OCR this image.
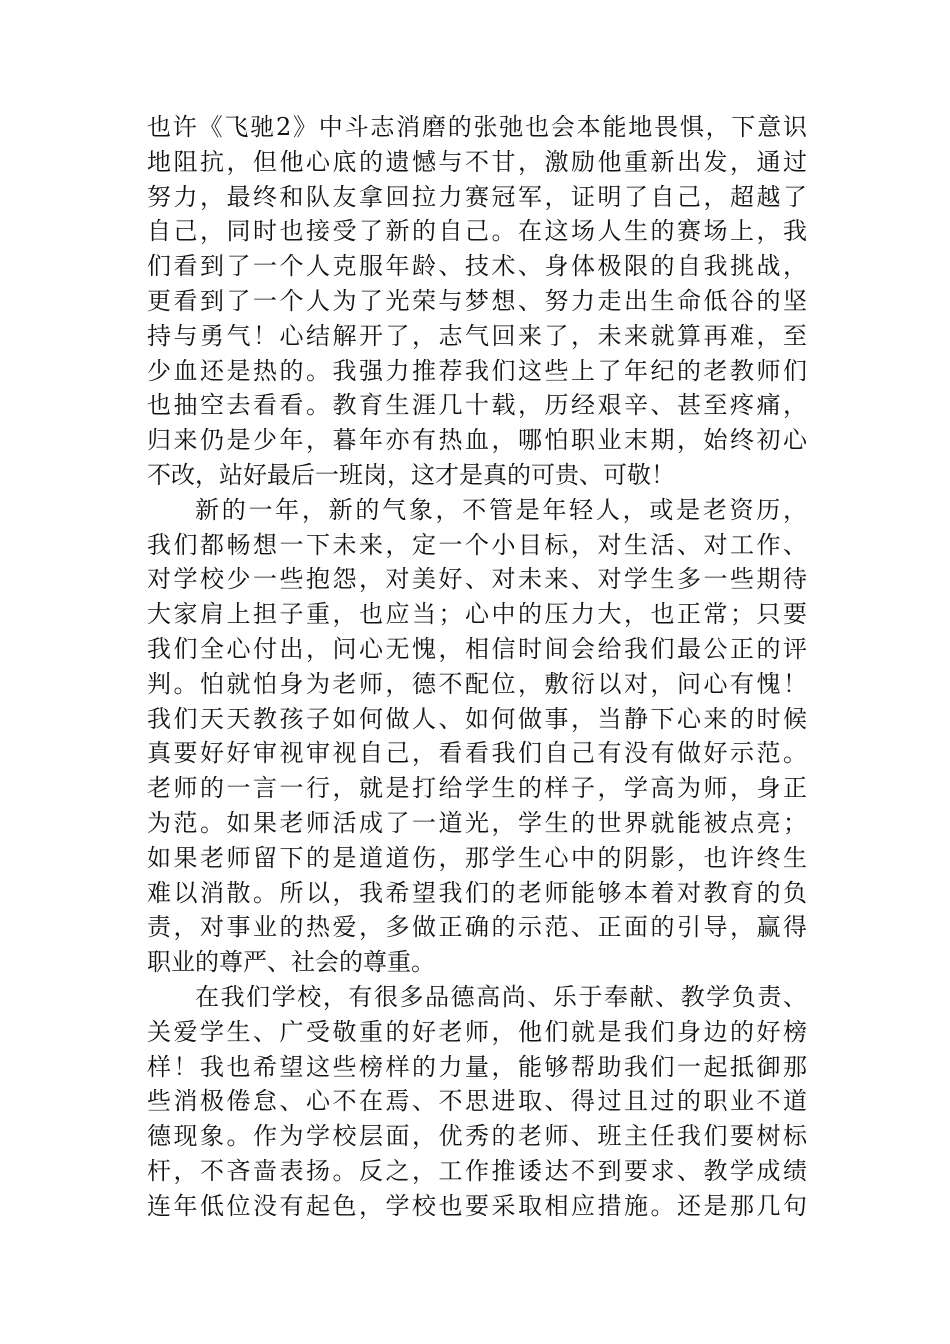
也许《飞驰2》中斗志消磨的张弛也会本能地畏惧，下意识
地阻抗，但他心底的遗憾与不甘，激励他重新出发，通过
努力，最终和队友拿回拉力赛冠军，证明了自己，超越了
自己，同时也接受了新的自己。在这场人生的赛场上，我
们看到了一个人克服年龄、技术、身体极限的自我挑战，
更看到了一个人为了光荣与梦想、努力走出生命低谷的坚
持与勇气！心结解开了，志气回来了，未来就算再难，至
少血还是热的。我强力推荐我们这些上了年纪的老教师们
也抽空去看看。教育生涯几十载，历经艰辛、甚至疼痛，
归来仍是少年，暮年亦有热血，哪怕职业末期，始终初心
不改，站好最后一班岗，这才是真的可贵、可敬！
新的一年，新的气象，不管是年轻人，或是老资历，
我们都畅想一下未来，定一个小目标，对生活、对工作、
对学校少一些抱怨，对美好、对未来、对学生多一些期待
大家肩上担子重，也应当；心中的压力大，也正常；只要
我们全心付出，问心无愧，相信时间会给我们最公正的评
判。怕就怕身为老师，德不配位，敷衍以对，问心有愧！
我们天天教孩子如何做人、如何做事，当静下心来的时候
真要好好审视审视自己，看看我们自己有没有做好示范。
老师的一言一行，就是打给学生的样子，学高为师，身正
为范。如果老师活成了一道光，学生的世界就能被点亮；
如果老师留下的是道道伤，那学生心中的阴影，也许终生
难以消散。所以，我希望我们的老师能够本着对教育的负
责，对事业的热爱，多做正确的示范、正面的引导，赢得
职业的尊严、社会的尊重。
在我们学校，有很多品德高尚、乐于奉献、教学负责、
关爱学生、广受敬重的好老师，他们就是我们身边的好榜
样！我也希望这些榜样的力量，能够帮助我们一起抵御那
些消极倦怠、心不在焉、不思进取、得过且过的职业不道
德现象。作为学校层面，优秀的老师、班主任我们要树标
杆，不吝啬表扬。反之，工作推诿达不到要求、教学成绩
连年低位没有起色，学校也要采取相应措施。还是那几句
